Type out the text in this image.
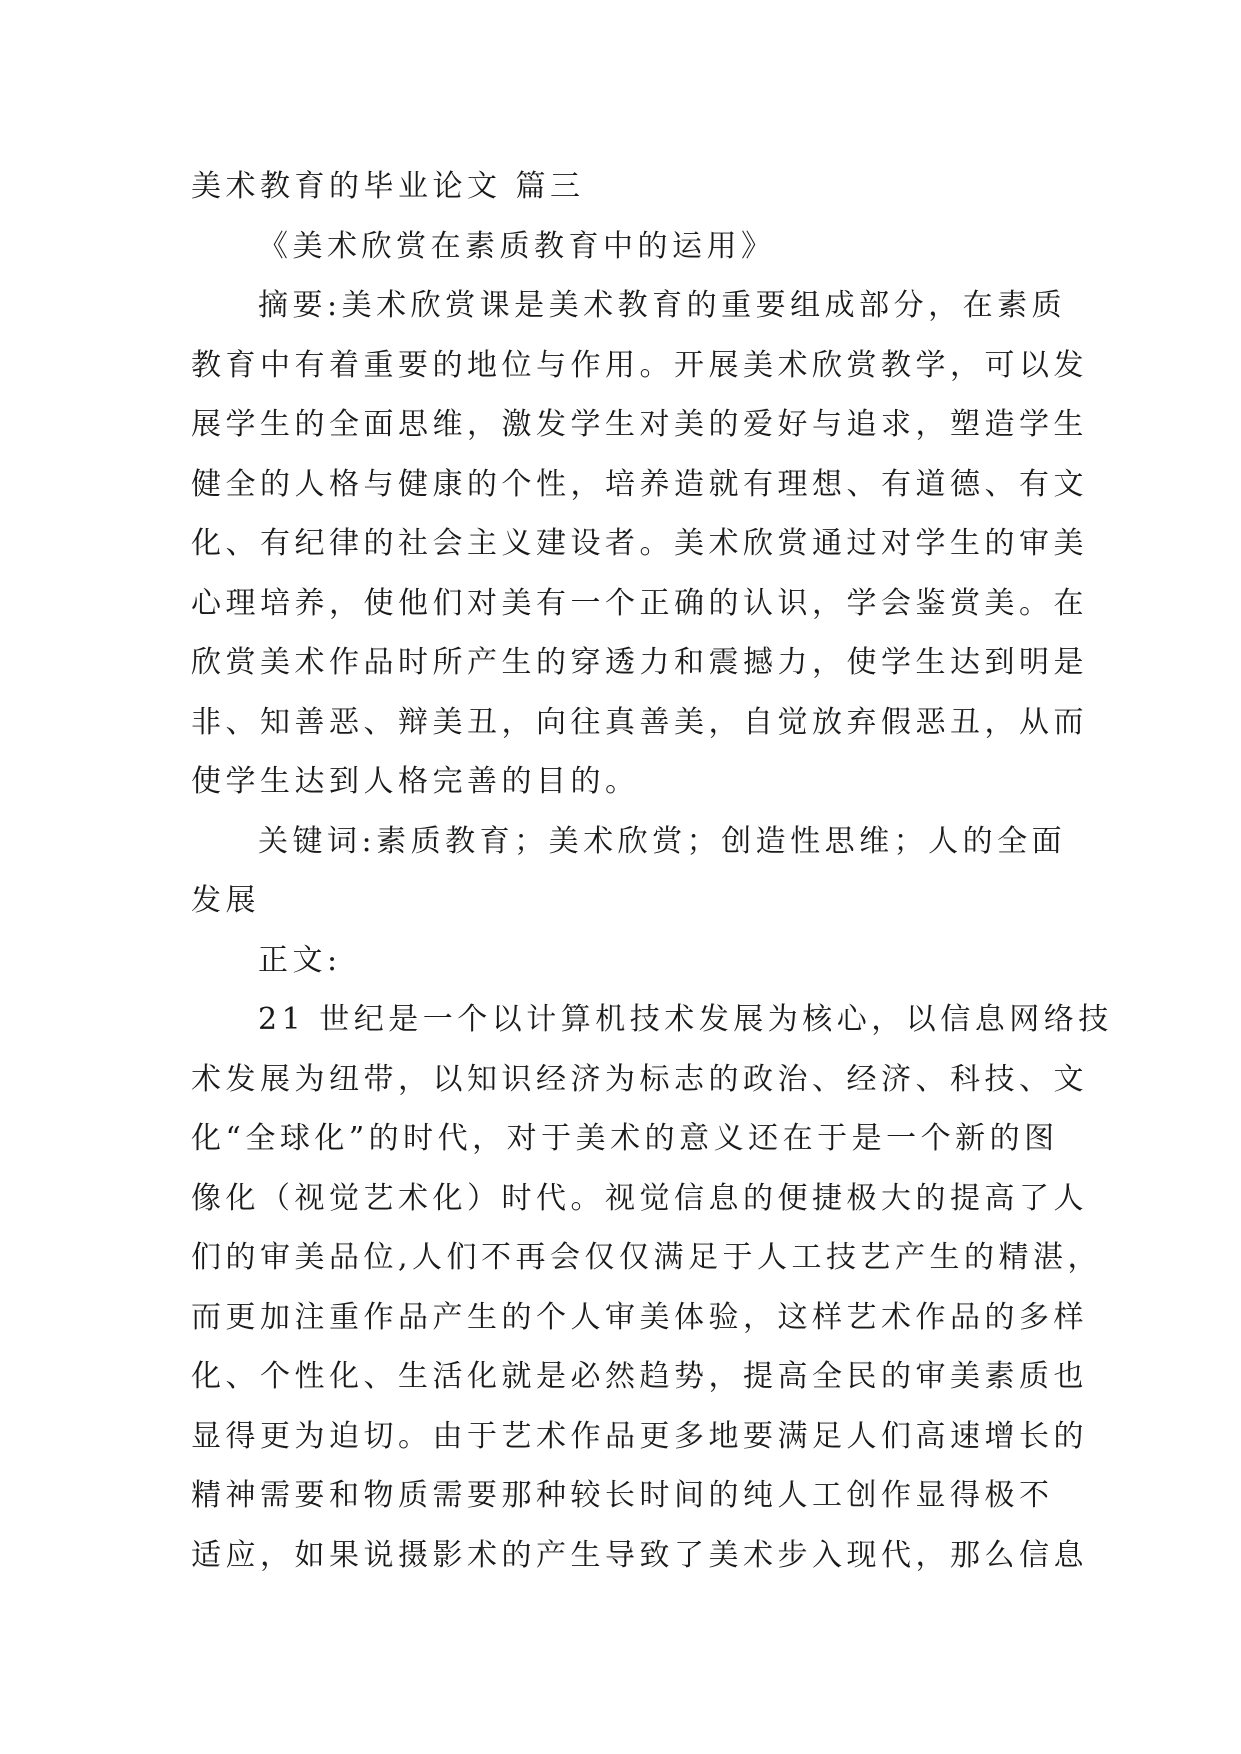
美术教育的毕业论文 篇三
《美术欣赏在素质教育中的运用》
摘要:美术欣赏课是美术教育的重要组成部分，在素质
教育中有着重要的地位与作用。开展美术欣赏教学，可以发
展学生的全面思维，激发学生对美的爱好与追求，塑造学生
健全的人格与健康的个性，培养造就有理想、有道德、有文
化、有纪律的社会主义建设者。美术欣赏通过对学生的审美
心理培养，使他们对美有一个正确的认识，学会鉴赏美。在
欣赏美术作品时所产生的穿透力和震撼力，使学生达到明是
非、知善恶、辩美丑，向往真善美，自觉放弃假恶丑，从而
使学生达到人格完善的目的。
关键词:素质教育；美术欣赏；创造性思维；人的全面
发展
正文:
21 世纪是一个以计算机技术发展为核心，以信息网络技
术发展为纽带，以知识经济为标志的政治、经济、科技、文
化“全球化”的时代，对于美术的意义还在于是一个新的图
像化（视觉艺术化）时代。视觉信息的便捷极大的提高了人
们的审美品位,人们不再会仅仅满足于人工技艺产生的精湛，
而更加注重作品产生的个人审美体验，这样艺术作品的多样
化、个性化、生活化就是必然趋势，提高全民的审美素质也
显得更为迫切。由于艺术作品更多地要满足人们高速增长的
精神需要和物质需要那种较长时间的纯人工创作显得极不
适应，如果说摄影术的产生导致了美术步入现代，那么信息
